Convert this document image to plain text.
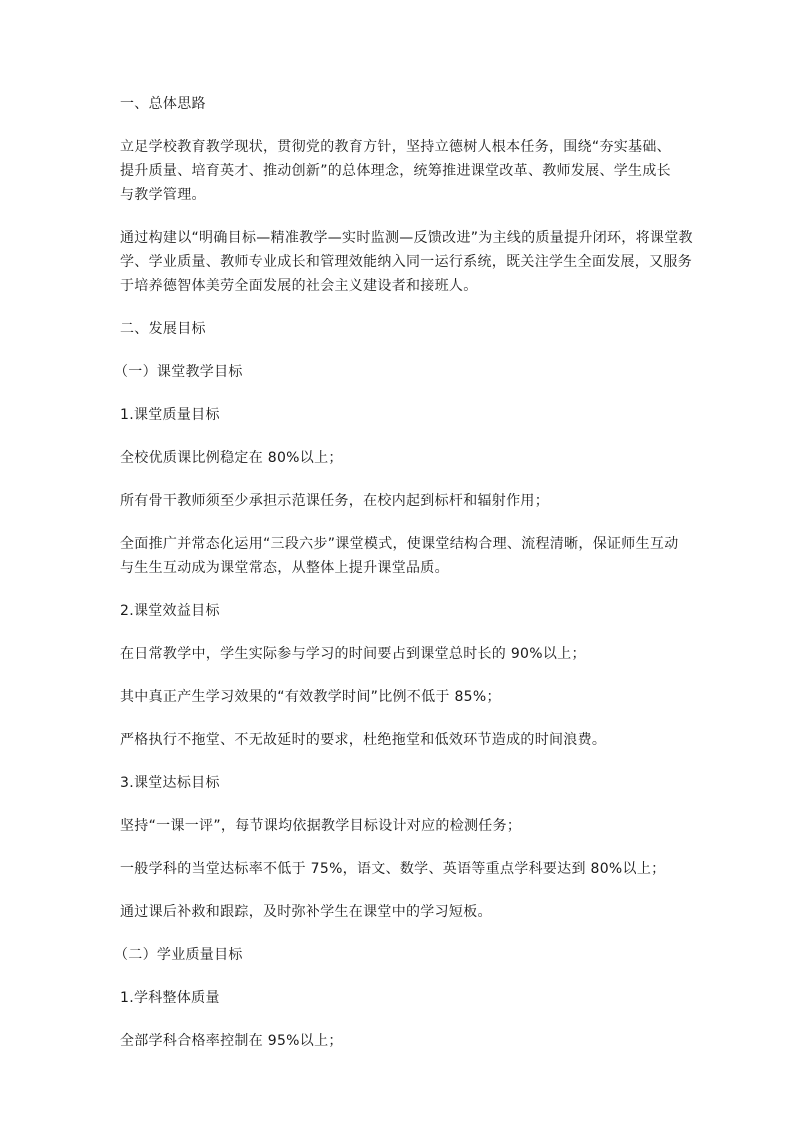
一、总体思路

立足学校教育教学现状，贯彻党的教育方针，坚持立德树人根本任务，围绕“夯实基础、提升质量、培育英才、推动创新”的总体理念，统筹推进课堂改革、教师发展、学生成长与教学管理。

通过构建以“明确目标—精准教学—实时监测—反馈改进”为主线的质量提升闭环，将课堂教学、学业质量、教师专业成长和管理效能纳入同一运行系统，既关注学生全面发展，又服务于培养德智体美劳全面发展的社会主义建设者和接班人。

二、发展目标

（一）课堂教学目标

1.课堂质量目标

全校优质课比例稳定在 80%以上；

所有骨干教师须至少承担示范课任务，在校内起到标杆和辐射作用；

全面推广并常态化运用“三段六步”课堂模式，使课堂结构合理、流程清晰，保证师生互动与生生互动成为课堂常态，从整体上提升课堂品质。

2.课堂效益目标

在日常教学中，学生实际参与学习的时间要占到课堂总时长的 90%以上；

其中真正产生学习效果的“有效教学时间”比例不低于 85%；

严格执行不拖堂、不无故延时的要求，杜绝拖堂和低效环节造成的时间浪费。

3.课堂达标目标

坚持“一课一评”，每节课均依据教学目标设计对应的检测任务；

一般学科的当堂达标率不低于 75%，语文、数学、英语等重点学科要达到 80%以上；

通过课后补救和跟踪，及时弥补学生在课堂中的学习短板。

（二）学业质量目标

1.学科整体质量

全部学科合格率控制在 95%以上；
